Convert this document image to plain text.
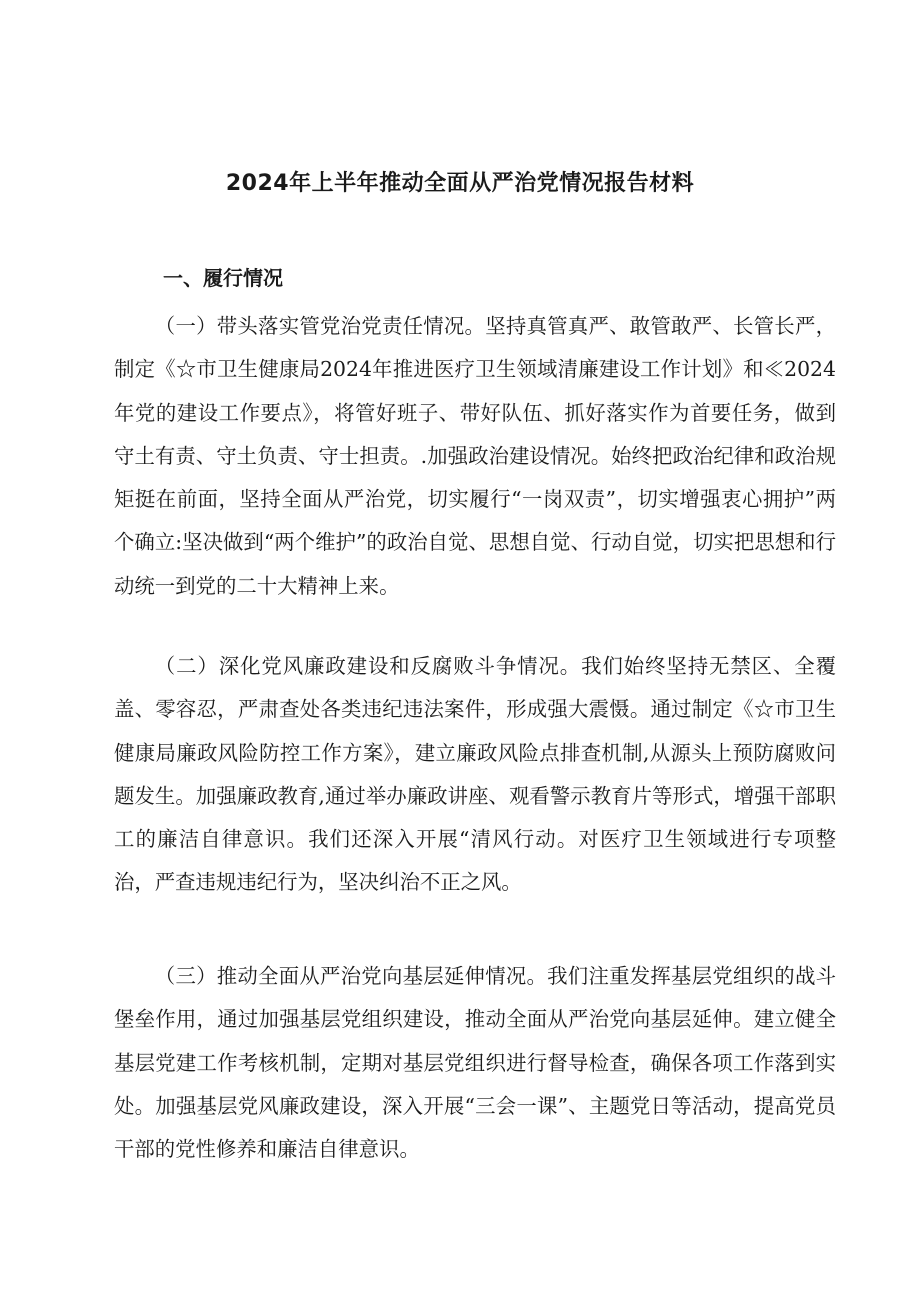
2024年上半年推动全面从严治党情况报告材料
一、履行情况

（一）带头落实管党治党责任情况。坚持真管真严、敢管敢严、长管长严，制定《☆市卫生健康局2024年推进医疗卫生领域清廉建设工作计划》和≪2024年党的建设工作要点》，将管好班子、带好队伍、抓好落实作为首要任务，做到守土有责、守土负责、守士担责。.加强政治建设情况。始终把政治纪律和政治规矩挺在前面，坚持全面从严治党，切实履行“一岗双责”，切实增强衷心拥护”两个确立:坚决做到“两个维护”的政治自觉、思想自觉、行动自觉，切实把思想和行动统一到党的二十大精神上来。

（二）深化党风廉政建设和反腐败斗争情况。我们始终坚持无禁区、全覆盖、零容忍，严肃查处各类违纪违法案件，形成强大震慑。通过制定《☆市卫生健康局廉政风险防控工作方案》，建立廉政风险点排查机制,从源头上预防腐败问题发生。加强廉政教育,通过举办廉政讲座、观看警示教育片等形式，增强干部职工的廉洁自律意识。我们还深入开展“清风行动。对医疗卫生领域进行专项整治，严查违规违纪行为，坚决纠治不正之风。

（三）推动全面从严治党向基层延伸情况。我们注重发挥基层党组织的战斗堡垒作用，通过加强基层党组织建设，推动全面从严治党向基层延伸。建立健全基层党建工作考核机制，定期对基层党组织进行督导检查，确保各项工作落到实处。加强基层党风廉政建设，深入开展“三会一课”、主题党日等活动，提高党员干部的党性修养和廉洁自律意识。
